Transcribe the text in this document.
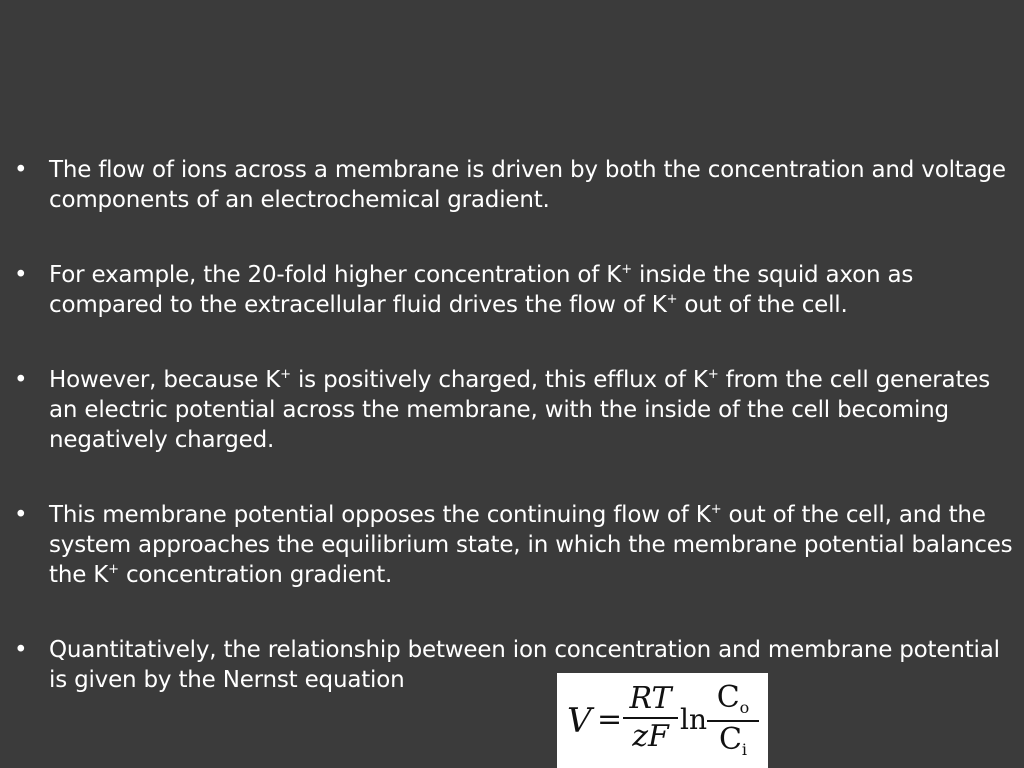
• The flow of ions across a membrane is driven by both the concentration and voltage components of an electrochemical gradient.
• For example, the 20-fold higher concentration of K+ inside the squid axon as compared to the extracellular fluid drives the flow of K+ out of the cell.
• However, because K+ is positively charged, this efflux of K+ from the cell generates an electric potential across the membrane, with the inside of the cell becoming negatively charged.
• This membrane potential opposes the continuing flow of K+ out of the cell, and the system approaches the equilibrium state, in which the membrane potential balances the K+ concentration gradient.
• Quantitatively, the relationship between ion concentration and membrane potential is given by the Nernst equation
V =
RT
zF ln
$C_o$
$C_i$
